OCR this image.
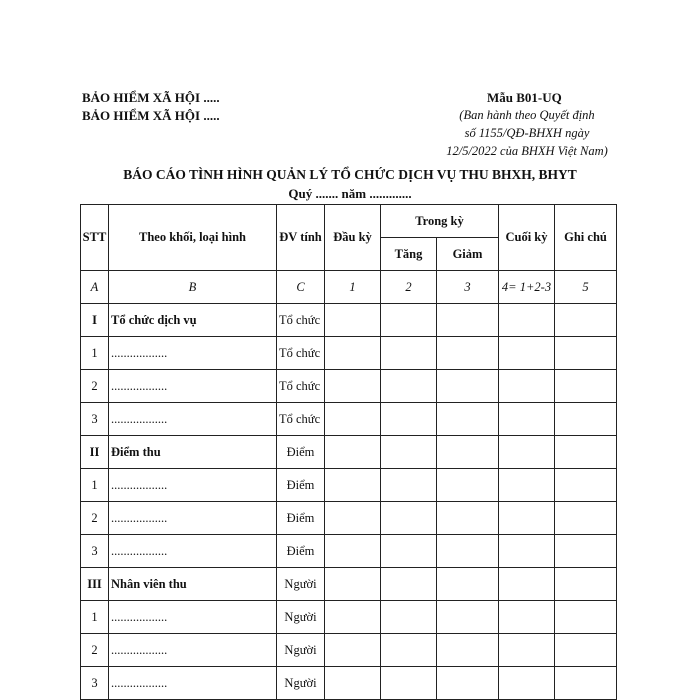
BẢO HIỂM XÃ HỘI .....
BẢO HIỂM XÃ HỘI .....
Mẫu B01-UQ
(Ban hành theo Quyết định
số 1155/QĐ-BHXH ngày
12/5/2022 của BHXH Việt Nam)
BÁO CÁO TÌNH HÌNH QUẢN LÝ TỔ CHỨC DỊCH VỤ THU BHXH, BHYT
Quý ....... năm .............
STT	Theo khối, loại hình	ĐV tính	Đầu kỳ	Trong kỳ		Cuối kỳ	Ghi chú
				Tăng	Giảm		
A	B	C	1	2	3	4= 1+2-3	5
I	Tổ chức dịch vụ	Tổ chức					
1	..................	Tổ chức					
2	..................	Tổ chức					
3	..................	Tổ chức					
II	Điểm thu	Điểm					
1	..................	Điểm					
2	..................	Điểm					
3	..................	Điểm					
III	Nhân viên thu	Người					
1	..................	Người					
2	..................	Người					
3	..................	Người					
